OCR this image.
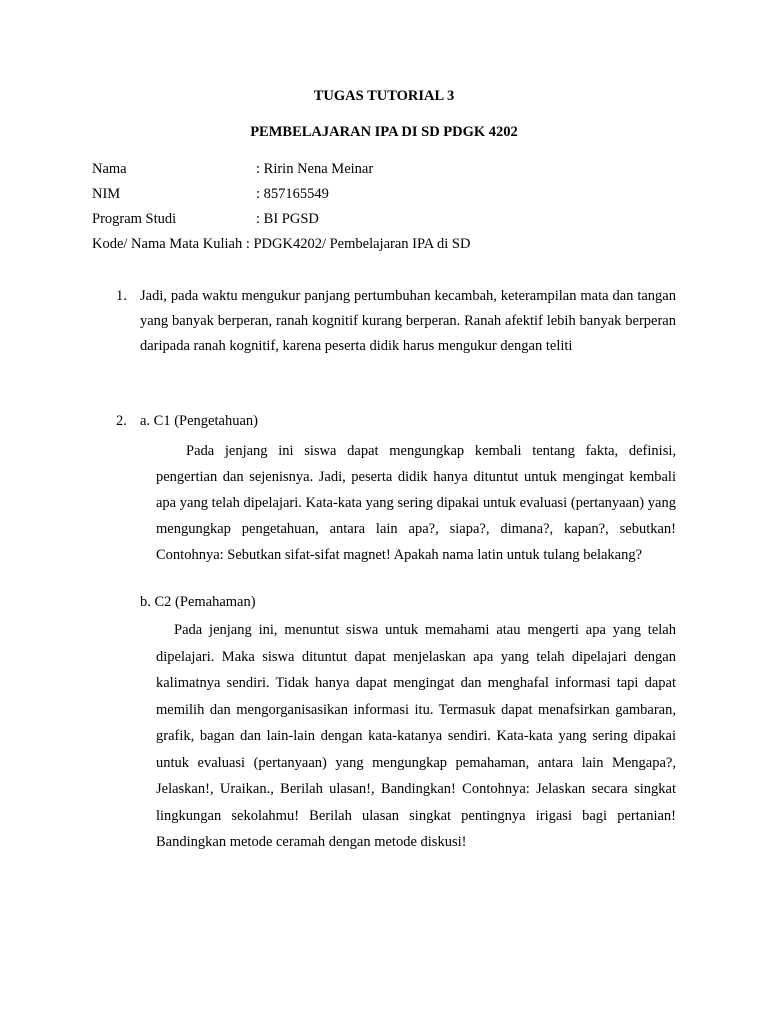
TUGAS TUTORIAL 3
PEMBELAJARAN IPA DI SD PDGK 4202
Nama	: Ririn Nena Meinar
NIM	: 857165549
Program Studi	: BI PGSD
Kode/ Nama Mata Kuliah : PDGK4202/ Pembelajaran IPA di SD
1. Jadi, pada waktu mengukur panjang pertumbuhan kecambah, keterampilan mata dan tangan yang banyak berperan, ranah kognitif kurang berperan. Ranah afektif lebih banyak berperan daripada ranah kognitif, karena peserta didik harus mengukur dengan teliti
2. a. C1 (Pengetahuan)
Pada jenjang ini siswa dapat mengungkap kembali tentang fakta, definisi, pengertian dan sejenisnya. Jadi, peserta didik hanya dituntut untuk mengingat kembali apa yang telah dipelajari. Kata-kata yang sering dipakai untuk evaluasi (pertanyaan) yang mengungkap pengetahuan, antara lain apa?, siapa?, dimana?, kapan?, sebutkan! Contohnya: Sebutkan sifat-sifat magnet! Apakah nama latin untuk tulang belakang?
b. C2 (Pemahaman)
Pada jenjang ini, menuntut siswa untuk memahami atau mengerti apa yang telah dipelajari. Maka siswa dituntut dapat menjelaskan apa yang telah dipelajari dengan kalimatnya sendiri. Tidak hanya dapat mengingat dan menghafal informasi tapi dapat memilih dan mengorganisasikan informasi itu. Termasuk dapat menafsirkan gambaran, grafik, bagan dan lain-lain dengan kata-katanya sendiri. Kata-kata yang sering dipakai untuk evaluasi (pertanyaan) yang mengungkap pemahaman, antara lain Mengapa?, Jelaskan!, Uraikan., Berilah ulasan!, Bandingkan! Contohnya: Jelaskan secara singkat lingkungan sekolahmu! Berilah ulasan singkat pentingnya irigasi bagi pertanian! Bandingkan metode ceramah dengan metode diskusi!
